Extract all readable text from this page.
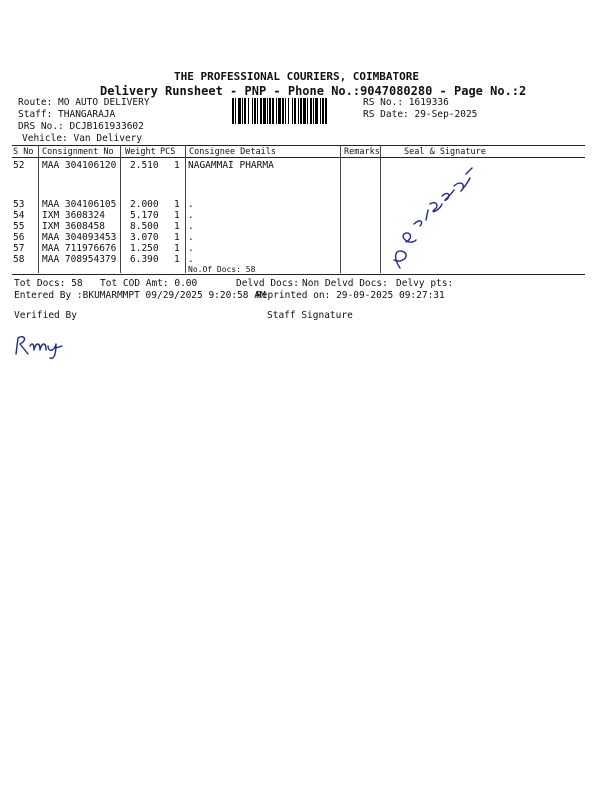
THE PROFESSIONAL COURIERS, COIMBATORE
Delivery Runsheet - PNP - Phone No.:9047080280 - Page No.:2
Route: MO AUTO DELIVERY
Staff: THANGARAJA
DRS No.: DCJB161933602
Vehicle: Van Delivery
RS No.: 1619336
RS Date: 29-Sep-2025
S No Consignment No Weight PCS Consignee Details	Remarks	Seal & Signature
52 MAA 304106120 2.510 1 NAGAMMAI PHARMA
53 MAA 304106105 2.000 1 .
54 IXM 3608324	5.170 1 .
55 IXM 3608458	8.500 1 .
56 MAA 304093453 3.070 1 .
57 MAA 711976676 1.250 1 .
58 MAA 708954379 6.390 1 .
No.Of Docs: 58
R.Sivakumar
Tot Docs: 58 Tot COD Amt: 0.00	Delvd Docs: Non Delvd Docs: Delvy pts:
Entered By :BKUMARMMPT 09/29/2025 9:20:58 AM
Reprinted on: 29-09-2025 09:27:31
Verified By	Staff Signature
Rmy
